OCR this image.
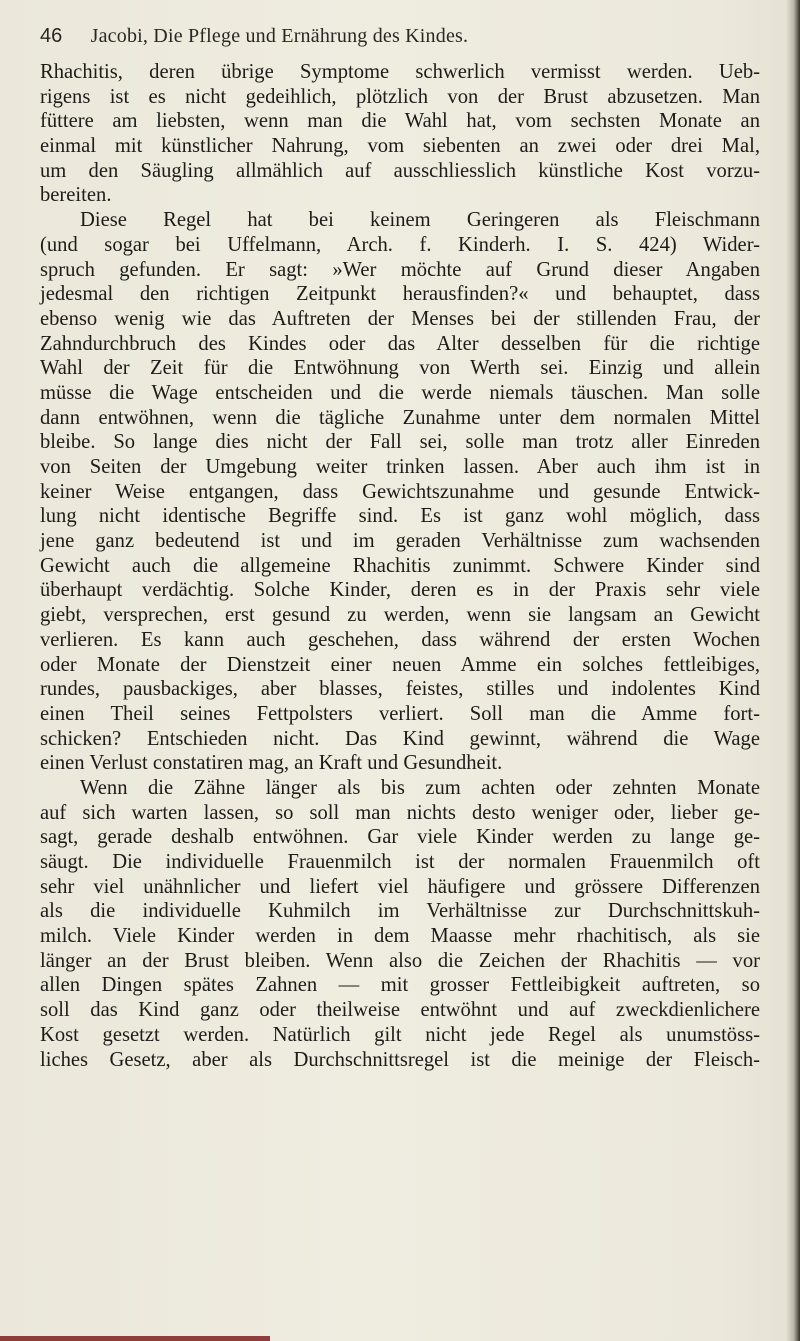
46 Jacobi, Die Pflege und Ernährung des Kindes.
Rhachitis, deren übrige Symptome schwerlich vermisst werden. Ueb-
rigens ist es nicht gedeihlich, plötzlich von der Brust abzusetzen. Man
füttere am liebsten, wenn man die Wahl hat, vom sechsten Monate an
einmal mit künstlicher Nahrung, vom siebenten an zwei oder drei Mal,
um den Säugling allmählich auf ausschliesslich künstliche Kost vorzu-
bereiten.
Diese Regel hat bei keinem Geringeren als Fleischmann
(und sogar bei Uffelmann, Arch. f. Kinderh. I. S. 424) Wider-
spruch gefunden. Er sagt: »Wer möchte auf Grund dieser Angaben
jedesmal den richtigen Zeitpunkt herausfinden?« und behauptet, dass
ebenso wenig wie das Auftreten der Menses bei der stillenden Frau, der
Zahndurchbruch des Kindes oder das Alter desselben für die richtige
Wahl der Zeit für die Entwöhnung von Werth sei. Einzig und allein
müsse die Wage entscheiden und die werde niemals täuschen. Man solle
dann entwöhnen, wenn die tägliche Zunahme unter dem normalen Mittel
bleibe. So lange dies nicht der Fall sei, solle man trotz aller Einreden
von Seiten der Umgebung weiter trinken lassen. Aber auch ihm ist in
keiner Weise entgangen, dass Gewichtszunahme und gesunde Entwick-
lung nicht identische Begriffe sind. Es ist ganz wohl möglich, dass
jene ganz bedeutend ist und im geraden Verhältnisse zum wachsenden
Gewicht auch die allgemeine Rhachitis zunimmt. Schwere Kinder sind
überhaupt verdächtig. Solche Kinder, deren es in der Praxis sehr viele
giebt, versprechen, erst gesund zu werden, wenn sie langsam an Gewicht
verlieren. Es kann auch geschehen, dass während der ersten Wochen
oder Monate der Dienstzeit einer neuen Amme ein solches fettleibiges,
rundes, pausbackiges, aber blasses, feistes, stilles und indolentes Kind
einen Theil seines Fettpolsters verliert. Soll man die Amme fort-
schicken? Entschieden nicht. Das Kind gewinnt, während die Wage
einen Verlust constatiren mag, an Kraft und Gesundheit.
Wenn die Zähne länger als bis zum achten oder zehnten Monate
auf sich warten lassen, so soll man nichts desto weniger oder, lieber ge-
sagt, gerade deshalb entwöhnen. Gar viele Kinder werden zu lange ge-
säugt. Die individuelle Frauenmilch ist der normalen Frauenmilch oft
sehr viel unähnlicher und liefert viel häufigere und grössere Differenzen
als die individuelle Kuhmilch im Verhältnisse zur Durchschnittskuh-
milch. Viele Kinder werden in dem Maasse mehr rhachitisch, als sie
länger an der Brust bleiben. Wenn also die Zeichen der Rhachitis — vor
allen Dingen spätes Zahnen — mit grosser Fettleibigkeit auftreten, so
soll das Kind ganz oder theilweise entwöhnt und auf zweckdienlichere
Kost gesetzt werden. Natürlich gilt nicht jede Regel als unumstöss-
liches Gesetz, aber als Durchschnittsregel ist die meinige der Fleisch-
